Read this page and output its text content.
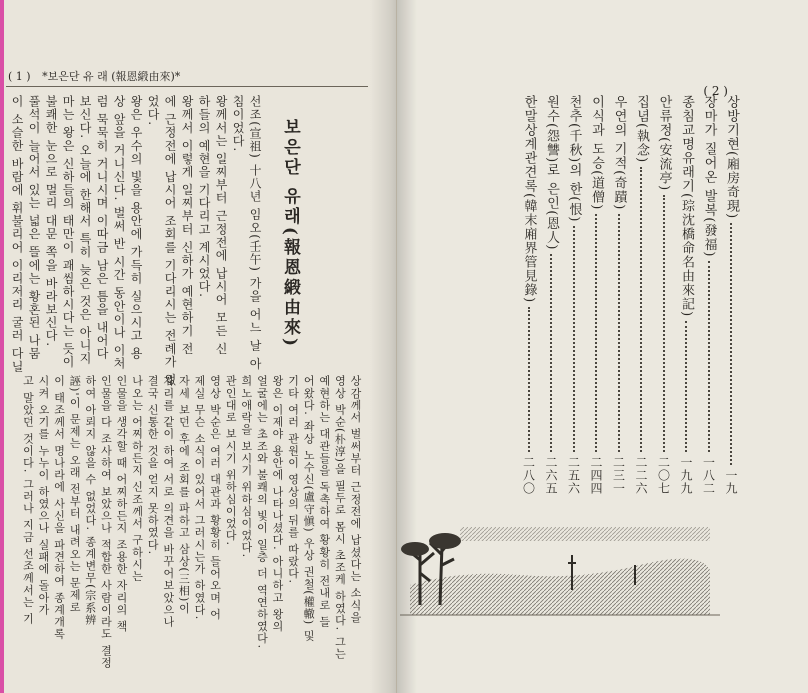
( 1 ) *보은단 유 래 (報恩緞由來)*
보은단 유래(報恩緞由來)
선조(宣祖) 十八년 임오(壬午) 가을 어느 날 아
침이었다.
왕께서는 일찌부터 근정전에 납시어 모든 신
하들의 예현을 기다리고 계시었다.
왕께서 이렇게 일찌부터 신하가 예현하기 전
에 근정전에 납시어 조회를 기다리시는 전례가 없
었다.
왕은 우수의 빛을 용안에 가득히 실으시고 용
상 앞을 거니신다. 벌써 반 시간 동안이나 이처
럼 묵묵히 거니시며 이따금 남은 틈을 내어다
보신다. 오늘에 한해서 특히 늦은 것은 아니지
마는 왕은 신하들의 태만이 괘씸하시다는 듯이
불쾌한 눈으로 멀리 대문 쪽을 바라보신다.
풀석이 늘어서 있는 넓은 뜰에는 황혼된 나뭄
이 소슬한 바람에 휘불리어 이리저리 굴러 다닐
상감께서 벌써부터 근정전에 납셨다는 소식을
영상 박순(朴淳)을 필두로 몸시 초조케 하였다. 그는
예현하는 대관들을 독촉하여 황황히 전내로 들
어왔다. 좌상 노수신(盧守愼) 우상 권철(權轍) 및
기타 여러 관원이 영상의 뒤를 따랐다.
왕은 이제야 용안에 나타나셨다. 아니하고 왕의
얼굴에는 초조와 불쾌의 빛이 일층 더 역연하였다.
희노애락을 보시기 위하심이었다.
관인대로 보시기 위하심이었다.
영상 박순은 여러 대관과 황황히 들어오며 어
제실 무슨 소식이 있어서 그러시는가 하였다.
자세 보던 후에 조회를 파하고 삼상(三相)이
자리를 같이 하여 서로 의견을 바꾸어보았으나
결국 신통한 것을 얻지 못하였다.
나오는 어찌하든지 신조께서 구하시는
인물을 생각할 때 어찌하든지 조용한 자리의 책
인물을 다 조사하여 보았으나 적합한 사람이라도 결정
하여 아뢰지 않을 수 없었다. 종계변무(宗系辨
誣)'이 문제는 오래 전부터 내려오는 문제로
이 태조께서 명나라에 사신을 파견하여 종계개록
시켜 오기를 누누이 하였으나 실패에 돌아가
고 말았던 것이다. 그러나 지금 선조께서는 기
( 2 )
상방기현(廂房奇現)
一九
장마가 질어온 발복(發福)
一八二
종침교명유래기(琮沈橋命名由來記)
一九九
안류정(安流亭)
二〇七
집념(執念)
二二六
우연의 기적(奇蹟)
二三一
이식과 도승(道僧)
二四四
천추(千秋)의 한(恨)
二五六
원수(怨讐)로 은인(恩人)
二六五
한말상계관견록(韓末廂界管見錄)
二八〇
